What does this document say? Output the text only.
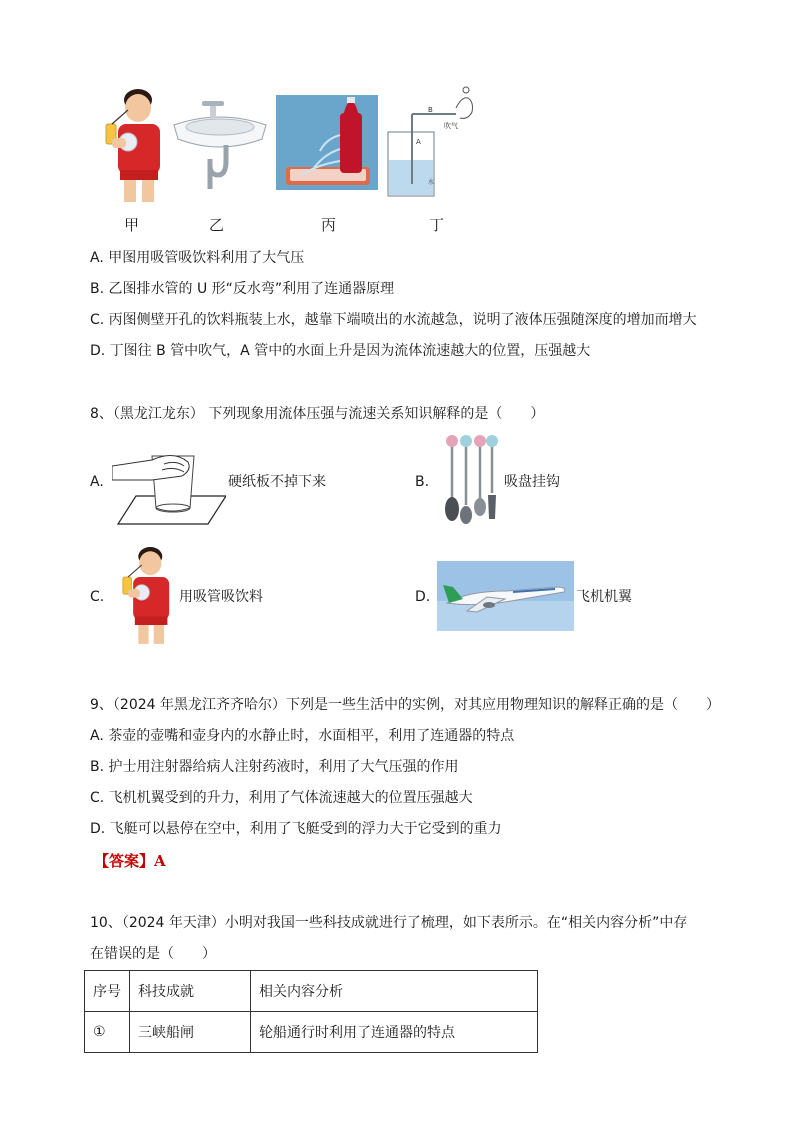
A
B
吹气
水
甲	乙	丙	丁
A. 甲图用吸管吸饮料利用了大气压
B. 乙图排水管的 U 形“反水弯”利用了连通器原理
C. 丙图侧壁开孔的饮料瓶装上水，越靠下端喷出的水流越急，说明了液体压强随深度的增加而增大
D. 丁图往 B 管中吹气，A 管中的水面上升是因为流体流速越大的位置，压强越大
8、（黑龙江龙东） 下列现象用流体压强与流速关系知识解释的是（　　）
A.	硬纸板不掉下来	B.	吸盘挂钩
C.	用吸管吸饮料	D.	飞机机翼
9、（2024 年黑龙江齐齐哈尔）下列是一些生活中的实例，对其应用物理知识的解释正确的是（　　）
A. 茶壶的壶嘴和壶身内的水静止时，水面相平，利用了连通器的特点
B. 护士用注射器给病人注射药液时，利用了大气压强的作用
C. 飞机机翼受到的升力，利用了气体流速越大的位置压强越大
D. 飞艇可以悬停在空中，利用了飞艇受到的浮力大于它受到的重力
【答案】A
10、（2024 年天津）小明对我国一些科技成就进行了梳理，如下表所示。在“相关内容分析”中存
在错误的是（　　）
序号	科技成就	相关内容分析
①	三峡船闸	轮船通行时利用了连通器的特点
